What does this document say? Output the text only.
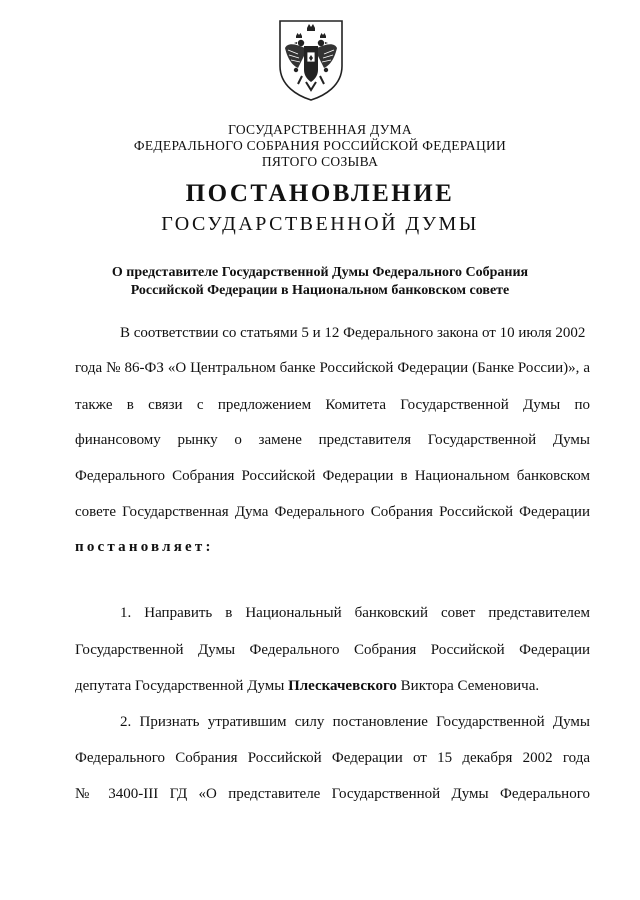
ГОСУДАРСТВЕННАЯ ДУМА
ФЕДЕРАЛЬНОГО СОБРАНИЯ РОССИЙСКОЙ ФЕДЕРАЦИИ
ПЯТОГО СОЗЫВА
ПОСТАНОВЛЕНИЕ
ГОСУДАРСТВЕННОЙ ДУМЫ
О представителе Государственной Думы Федерального Собрания
Российской Федерации в Национальном банковском совете
В соответствии со статьями 5 и 12 Федерального закона от 10 июля 2002
года № 86-ФЗ «О Центральном банке Российской Федерации (Банке России)», а
также в связи с предложением Комитета Государственной Думы по
финансовому рынку о замене представителя Государственной Думы
Федерального Собрания Российской Федерации в Национальном банковском
совете Государственная Дума Федерального Собрания Российской Федерации
постановляет:
1. Направить в Национальный банковский совет представителем
Государственной Думы Федерального Собрания Российской Федерации
депутата Государственной Думы Плескачевского Виктора Семеновича.
2. Признать утратившим силу постановление Государственной Думы
Федерального Собрания Российской Федерации от 15 декабря 2002 года
№ 3400-III ГД «О представителе Государственной Думы Федерального
